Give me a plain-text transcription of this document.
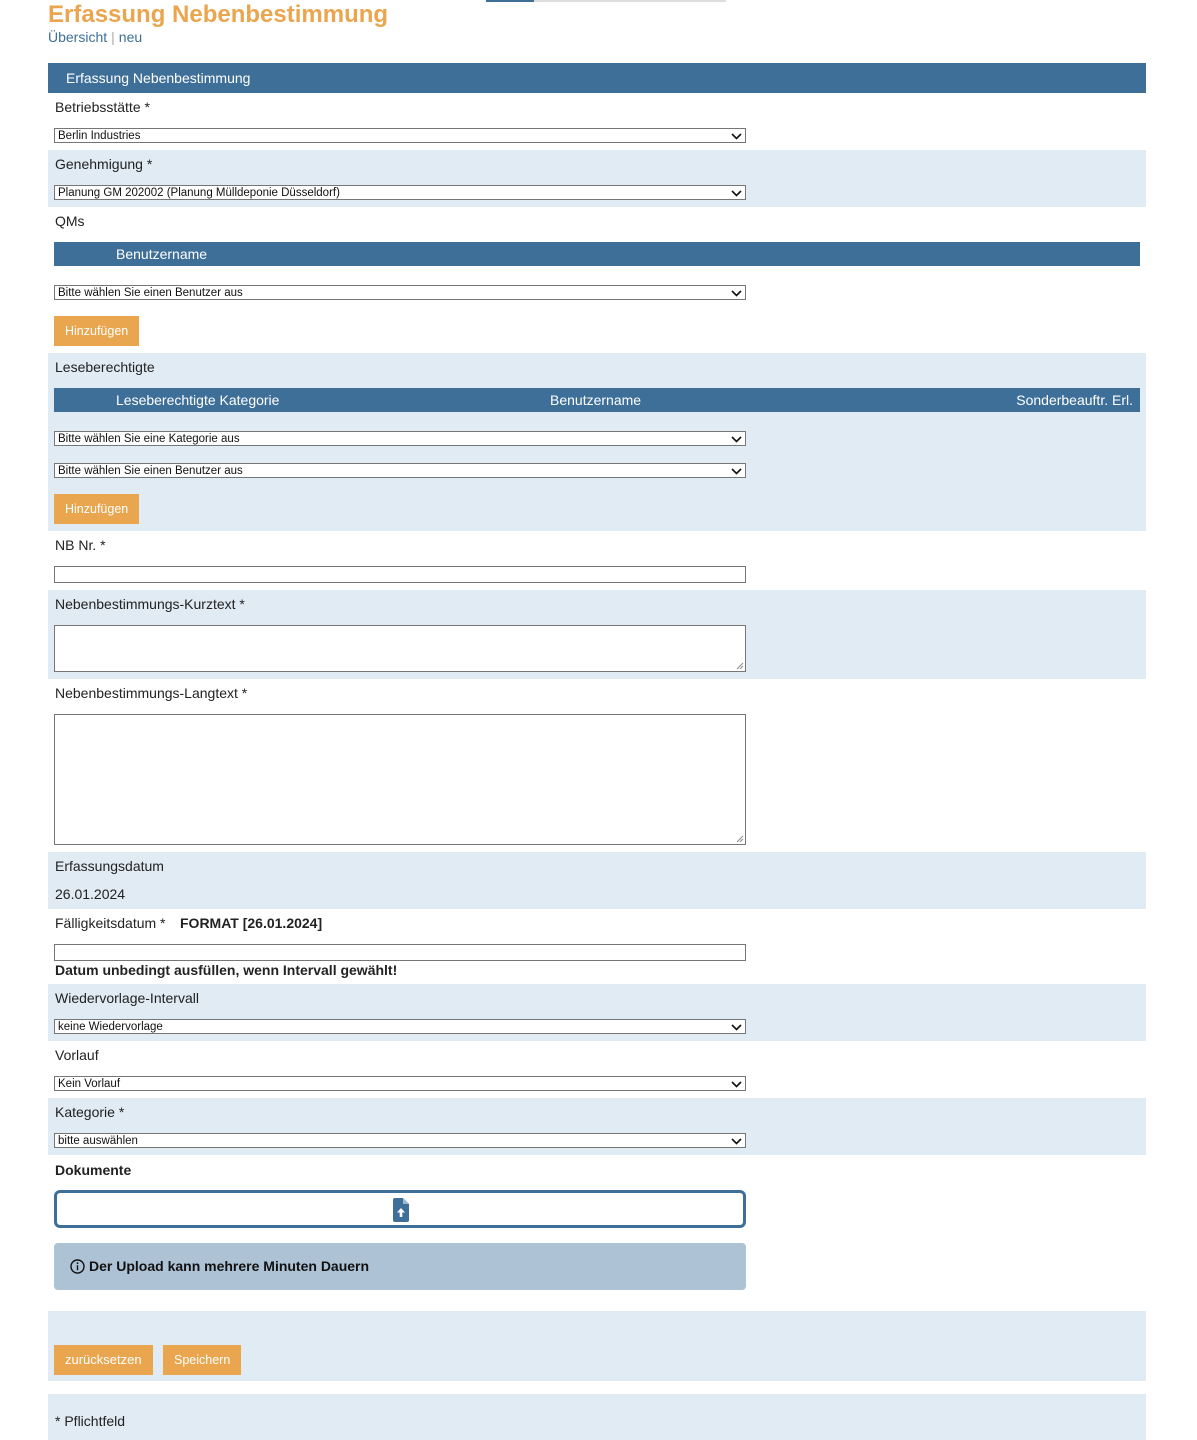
Erfassung Nebenbestimmung
Übersicht | neu
Erfassung Nebenbestimmung
Betriebsstätte *
Berlin Industries
Genehmigung *
Planung GM 202002 (Planung Mülldeponie Düsseldorf)
QMs
Benutzername
Bitte wählen Sie einen Benutzer aus
Hinzufügen
Leseberechtigte
Leseberechtigte Kategorie	Benutzername	Sonderbeauftr. Erl.
Bitte wählen Sie eine Kategorie aus
Bitte wählen Sie einen Benutzer aus
Hinzufügen
NB Nr. *
Nebenbestimmungs-Kurztext *
Nebenbestimmungs-Langtext *
Erfassungsdatum
26.01.2024
Fälligkeitsdatum * FORMAT [26.01.2024]
Datum unbedingt ausfüllen, wenn Intervall gewählt!
Wiedervorlage-Intervall
keine Wiedervorlage
Vorlauf
Kein Vorlauf
Kategorie *
bitte auswählen
Dokumente
Der Upload kann mehrere Minuten Dauern
zurücksetzen	Speichern
* Pflichtfeld
